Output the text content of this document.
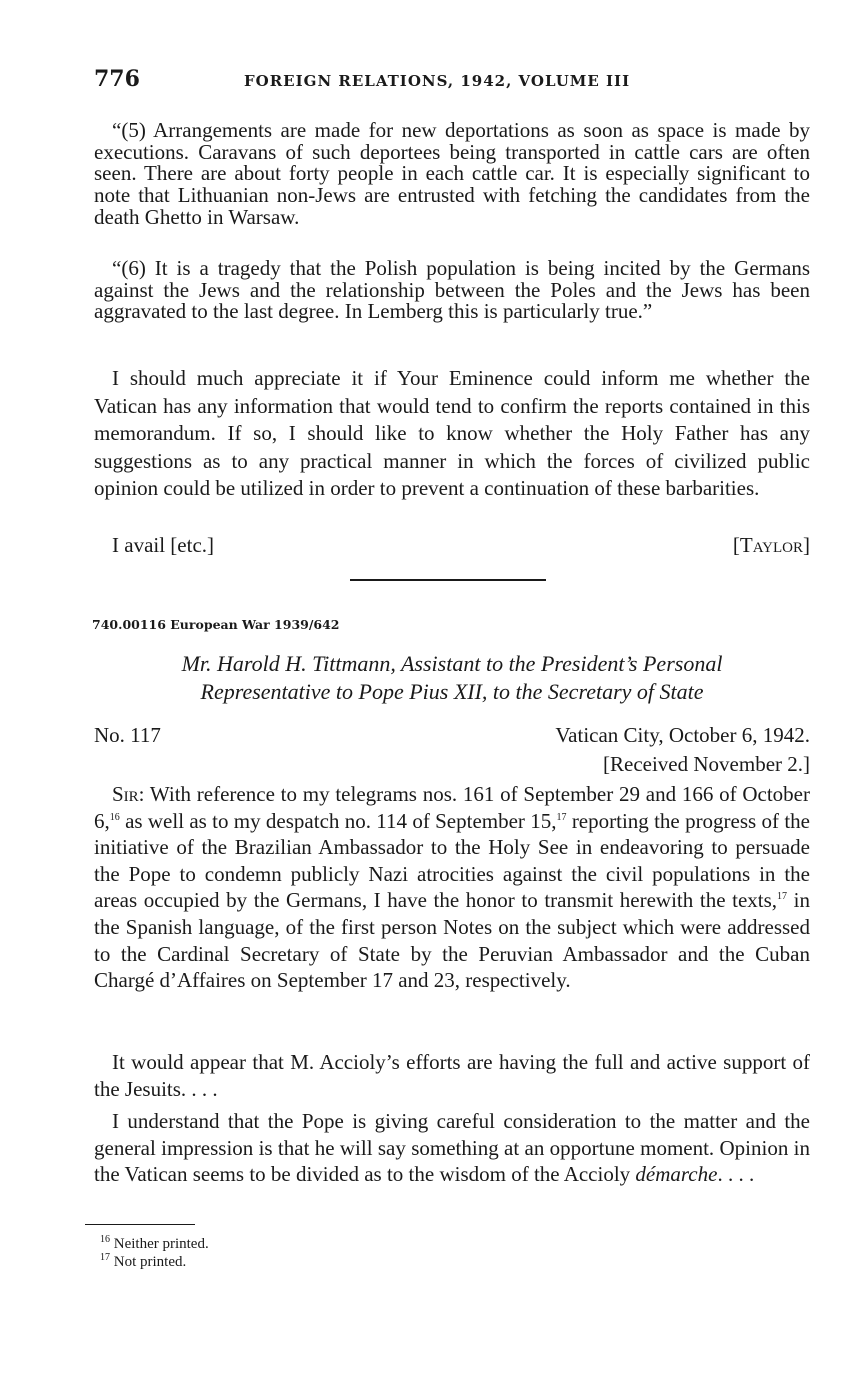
776	FOREIGN RELATIONS, 1942, VOLUME III

“(5) Arrangements are made for new deportations as soon as space is made by executions. Caravans of such deportees being transported in cattle cars are often seen. There are about forty people in each cattle car. It is especially significant to note that Lithuanian non-Jews are entrusted with fetching the candidates from the death Ghetto in Warsaw.

“(6) It is a tragedy that the Polish population is being incited by the Germans against the Jews and the relationship between the Poles and the Jews has been aggravated to the last degree. In Lemberg this is particularly true.”

I should much appreciate it if Your Eminence could inform me whether the Vatican has any information that would tend to confirm the reports contained in this memorandum. If so, I should like to know whether the Holy Father has any suggestions as to any practical manner in which the forces of civilized public opinion could be utilized in order to prevent a continuation of these barbarities.

I avail [etc.]	[Taylor]
740.00116 European War 1939/642
Mr. Harold H. Tittmann, Assistant to the President’s Personal
Representative to Pope Pius XII, to the Secretary of State
No. 117	Vatican City, October 6, 1942.
[Received November 2.]

Sir: With reference to my telegrams nos. 161 of September 29 and 166 of October 6,16 as well as to my despatch no. 114 of September 15,17 reporting the progress of the initiative of the Brazilian Ambassador to the Holy See in endeavoring to persuade the Pope to condemn publicly Nazi atrocities against the civil populations in the areas occupied by the Germans, I have the honor to transmit herewith the texts,$^{17}$ in the Spanish language, of the first person Notes on the subject which were addressed to the Cardinal Secretary of State by the Peruvian Ambassador and the Cuban Chargé d’Affaires on September 17 and 23, respectively.

It would appear that M. Accioly’s efforts are having the full and active support of the Jesuits. . . .

I understand that the Pope is giving careful consideration to the matter and the general impression is that he will say something at an opportune moment. Opinion in the Vatican seems to be divided as to the wisdom of the Accioly démarche. . . .

$^{16}$ Neither printed.
$^{17}$ Not printed.
